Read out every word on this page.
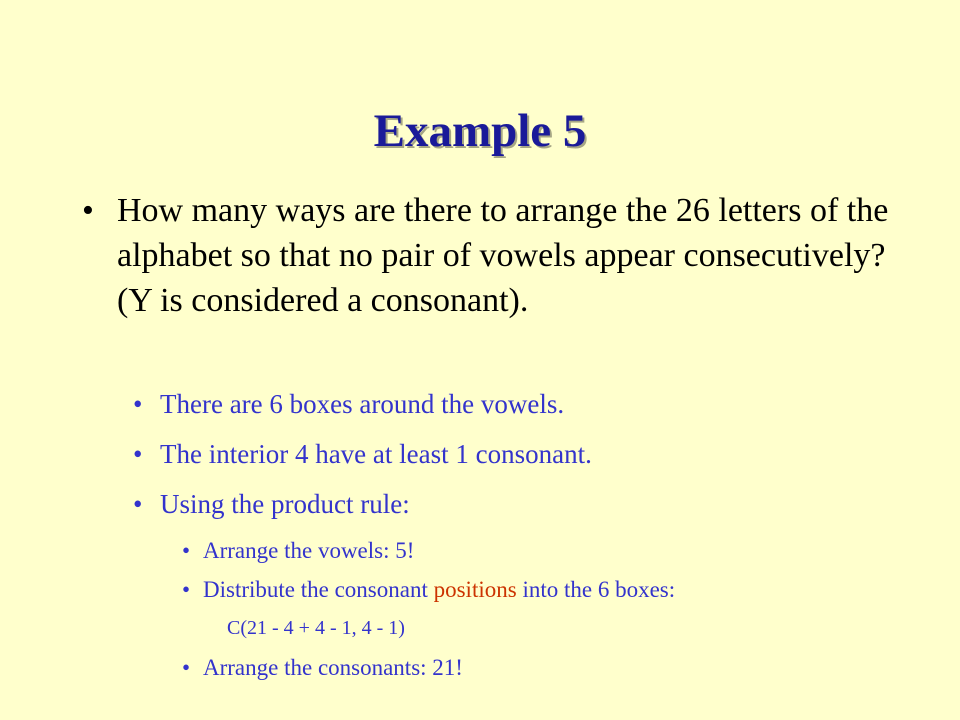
Example 5
• How many ways are there to arrange the 26 letters of the alphabet so that no pair of vowels appear consecutively? (Y is considered a consonant).
• There are 6 boxes around the vowels.
• The interior 4 have at least 1 consonant.
• Using the product rule:
• Arrange the vowels: 5!
• Distribute the consonant positions into the 6 boxes:
C(21 - 4 + 4 - 1, 4 - 1)
• Arrange the consonants: 21!
